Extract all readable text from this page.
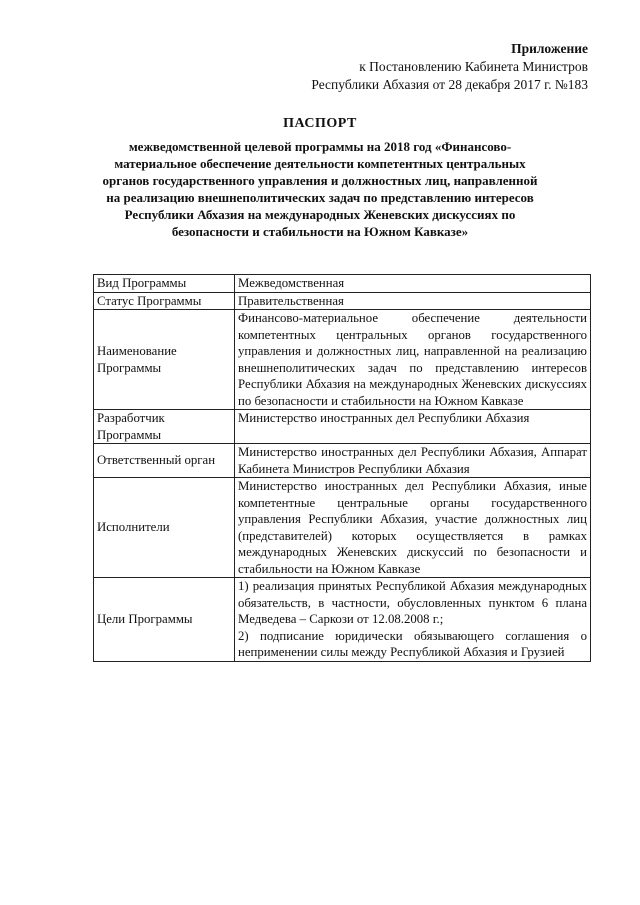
Приложение
к Постановлению Кабинета Министров
Республики Абхазия от 28 декабря 2017 г. №183
ПАСПОРТ
межведомственной целевой программы на 2018 год «Финансово-материальное обеспечение деятельности компетентных центральных органов государственного управления и должностных лиц, направленной на реализацию внешнеполитических задач по представлению интересов Республики Абхазия на международных Женевских дискуссиях по безопасности и стабильности на Южном Кавказе»
Вид Программы	Межведомственная
Статус Программы	Правительственная
Наименование Программы	Финансово-материальное обеспечение деятельности компетентных центральных органов государственного управления и должностных лиц, направленной на реализацию внешнеполитических задач по представлению интересов Республики Абхазия на международных Женевских дискуссиях по безопасности и стабильности на Южном Кавказе
Разработчик Программы	Министерство иностранных дел Республики Абхазия
Ответственный орган	Министерство иностранных дел Республики Абхазия, Аппарат Кабинета Министров Республики Абхазия
Исполнители	Министерство иностранных дел Республики Абхазия, иные компетентные центральные органы государственного управления Республики Абхазия, участие должностных лиц (представителей) которых осуществляется в рамках международных Женевских дискуссий по безопасности и стабильности на Южном Кавказе
Цели Программы	1) реализация принятых Республикой Абхазия международных обязательств, в частности, обусловленных пунктом 6 плана Медведева – Саркози от 12.08.2008 г.;
2) подписание юридически обязывающего соглашения о неприменении силы между Республикой Абхазия и Грузией
